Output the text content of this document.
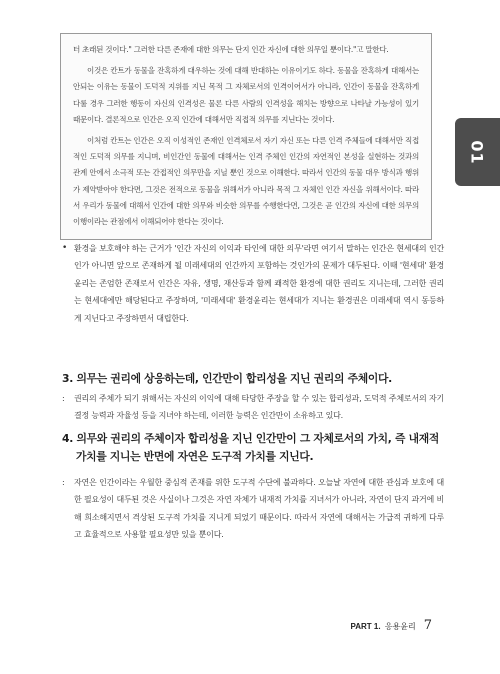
터 초래된 것이다." 그러한 다른 존재에 대한 의무는 단지 인간 자신에 대한 의무일 뿐이다."고 말한다.

이것은 칸트가 동물을 잔혹하게 대우하는 것에 대해 반대하는 이유이기도 하다. 동물을 잔혹하게 대해서는 안되는 이유는 동물이 도덕적 지위를 지닌 목적 그 자체로서의 인격이어서가 아니라, 인간이 동물을 잔혹하게 다룰 경우 그러한 행동이 자신의 인격성은 물론 다른 사람의 인격성을 해치는 방향으로 나타날 가능성이 있기 때문이다. 결론적으로 인간은 오직 인간에 대해서만 직접적 의무를 지닌다는 것이다.

이처럼 칸트는 인간은 오직 이성적인 존재인 인격체로서 자기 자신 또는 다른 인격 주체들에 대해서만 직접적인 도덕적 의무를 지니며, 비인간인 동물에 대해서는 인격 주체인 인간의 자연적인 본성을 실현하는 것과의 관계 안에서 소극적 또는 간접적인 의무만을 지닐 뿐인 것으로 이해한다. 따라서 인간의 동물 대우 방식과 행위가 제약받아야 한다면, 그것은 전적으로 동물을 위해서가 아니라 목적 그 자체인 인간 자신을 위해서이다. 따라서 우리가 동물에 대해서 인간에 대한 의무와 비슷한 의무를 수행한다면, 그것은 곧 인간의 자신에 대한 의무의 이행이라는 관점에서 이해되어야 한다는 것이다.

01
• 환경을 보호해야 하는 근거가 '인간 자신의 이익과 타인에 대한 의무'라면 여기서 말하는 인간은 현세대의 인간인가 아니면 앞으로 존재하게 될 미래세대의 인간까지 포함하는 것인가의 문제가 대두된다. 이때 '현세대' 환경윤리는 존엄한 존재로서 인간은 자유, 생명, 재산등과 함께 쾌적한 환경에 대한 권리도 지니는데, 그러한 권리는 현세대에만 해당된다고 주장하며, '미래세대' 환경윤리는 현세대가 지니는 환경권은 미래세대 역시 동등하게 지닌다고 주장하면서 대립한다.
3. 의무는 권리에 상응하는데, 인간만이 합리성을 지닌 권리의 주체이다.
: 권리의 주체가 되기 위해서는 자신의 이익에 대해 타당한 주장을 할 수 있는 합리성과, 도덕적 주체로서의 자기결정 능력과 자율성 등을 지녀야 하는데, 이러한 능력은 인간만이 소유하고 있다.
4. 의무와 권리의 주체이자 합리성을 지닌 인간만이 그 자체로서의 가치, 즉 내재적
가치를 지니는 반면에 자연은 도구적 가치를 지닌다.
: 자연은 인간이라는 우월한 중심적 존재를 위한 도구적 수단에 불과하다. 오늘날 자연에 대한 관심과 보호에 대한 필요성이 대두된 것은 사실이나 그것은 자연 자체가 내재적 가치를 지녀서가 아니라, 자연이 단지 과거에 비해 희소해지면서 격상된 도구적 가치를 지니게 되었기 때문이다. 따라서 자연에 대해서는 가급적 귀하게 다루고 효율적으로 사용할 필요성만 있을 뿐이다.
PART 1. 응용윤리 7
